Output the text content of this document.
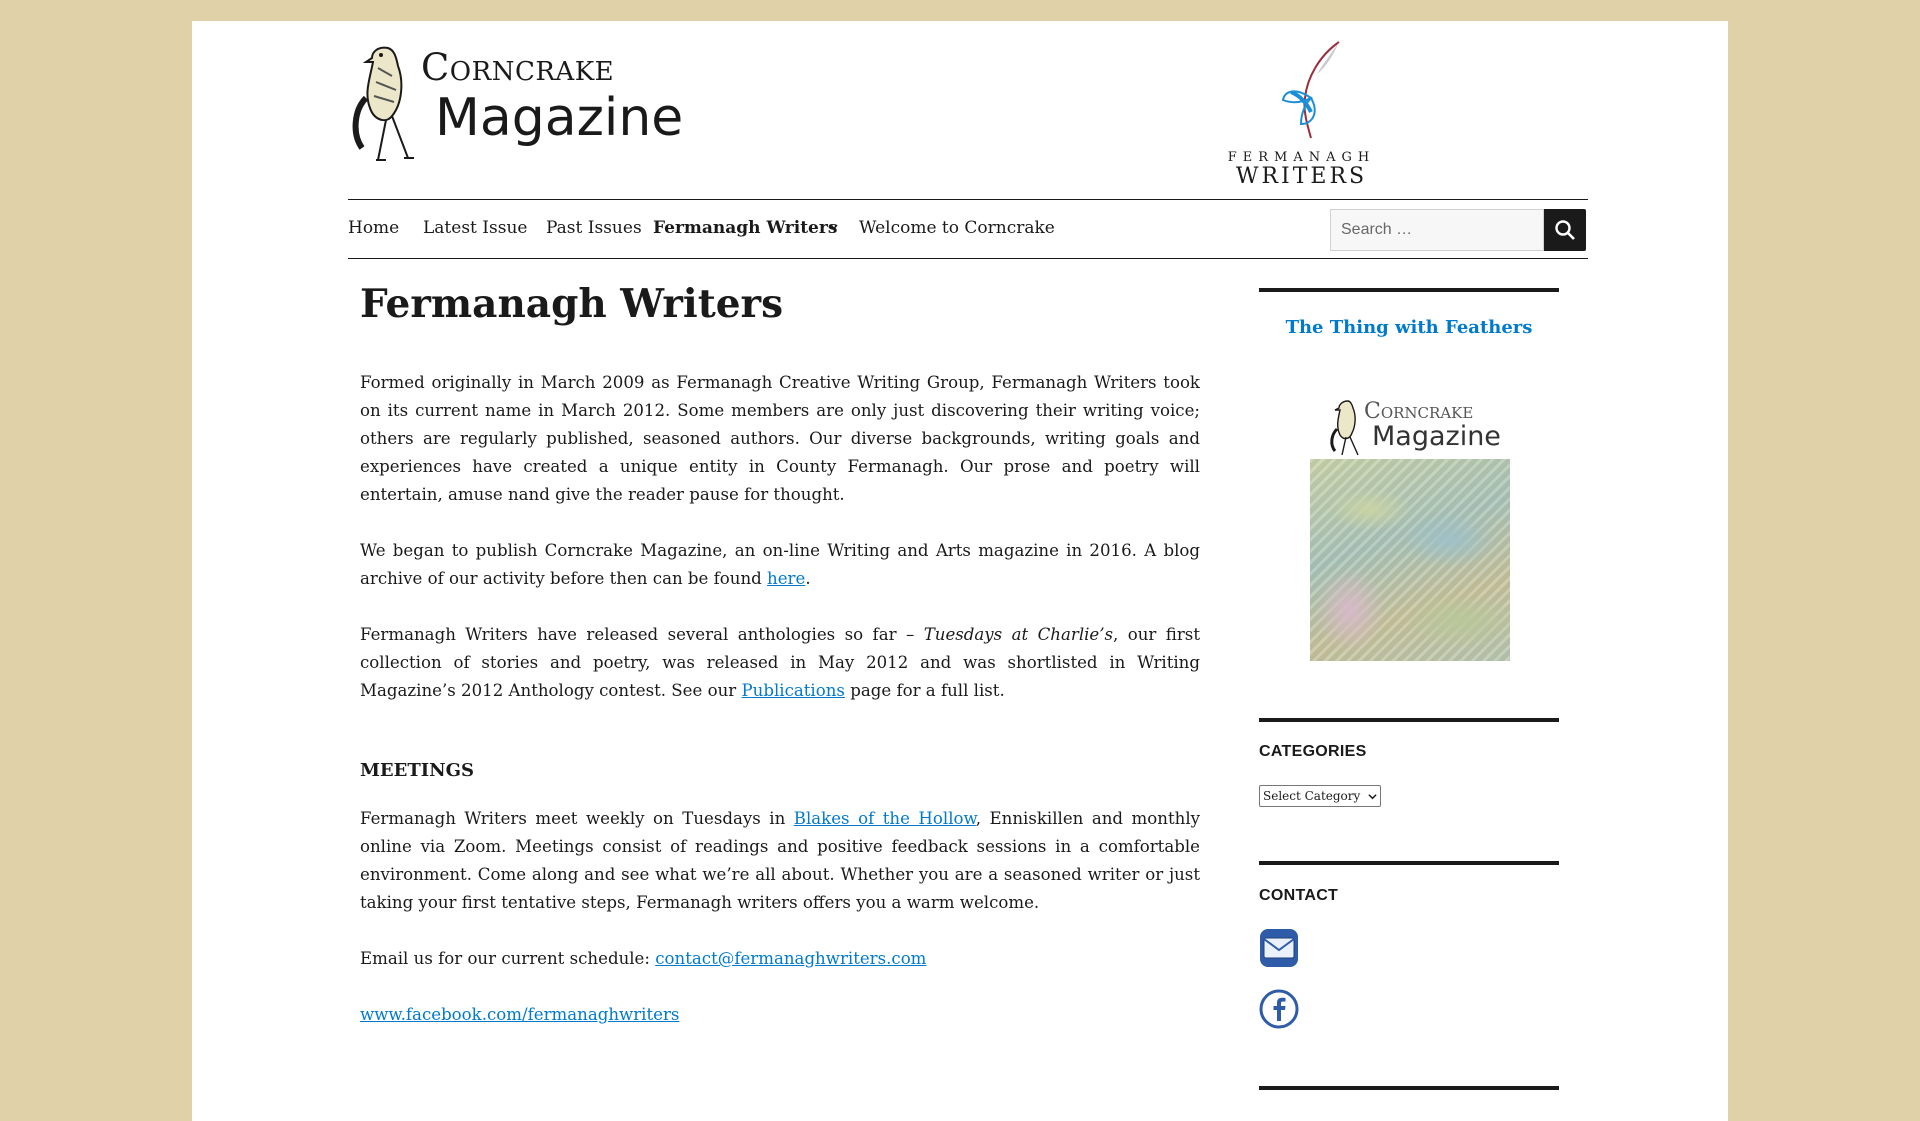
Corncrake
Magazine
FERMANAGH
WRITERS
Home Latest Issue Past Issues Fermanagh Writers Welcome to Corncrake	Search …
Fermanagh Writers

Formed originally in March 2009 as Fermanagh Creative Writing Group, Fermanagh Writers took on its current name in March 2012. Some members are only just discovering their writing voice; others are regularly published, seasoned authors. Our diverse backgrounds, writing goals and experiences have created a unique entity in County Fermanagh. Our prose and poetry will entertain, amuse nand give the reader pause for thought.

We began to publish Corncrake Magazine, an on-line Writing and Arts magazine in 2016. A blog archive of our activity before then can be found here.

Fermanagh Writers have released several anthologies so far – Tuesdays at Charlie’s, our first collection of stories and poetry, was released in May 2012 and was shortlisted in Writing Magazine’s 2012 Anthology contest. See our Publications page for a full list.

MEETINGS

Fermanagh Writers meet weekly on Tuesdays in Blakes of the Hollow, Enniskillen and monthly online via Zoom. Meetings consist of readings and positive feedback sessions in a comfortable environment. Come along and see what we’re all about. Whether you are a seasoned writer or just taking your first tentative steps, Fermanagh writers offers you a warm welcome.

Email us for our current schedule: contact@fermanaghwriters.com

www.facebook.com/fermanaghwriters

The Thing with Feathers
Corncrake
Magazine
CATEGORIES
Select Category
CONTACT
